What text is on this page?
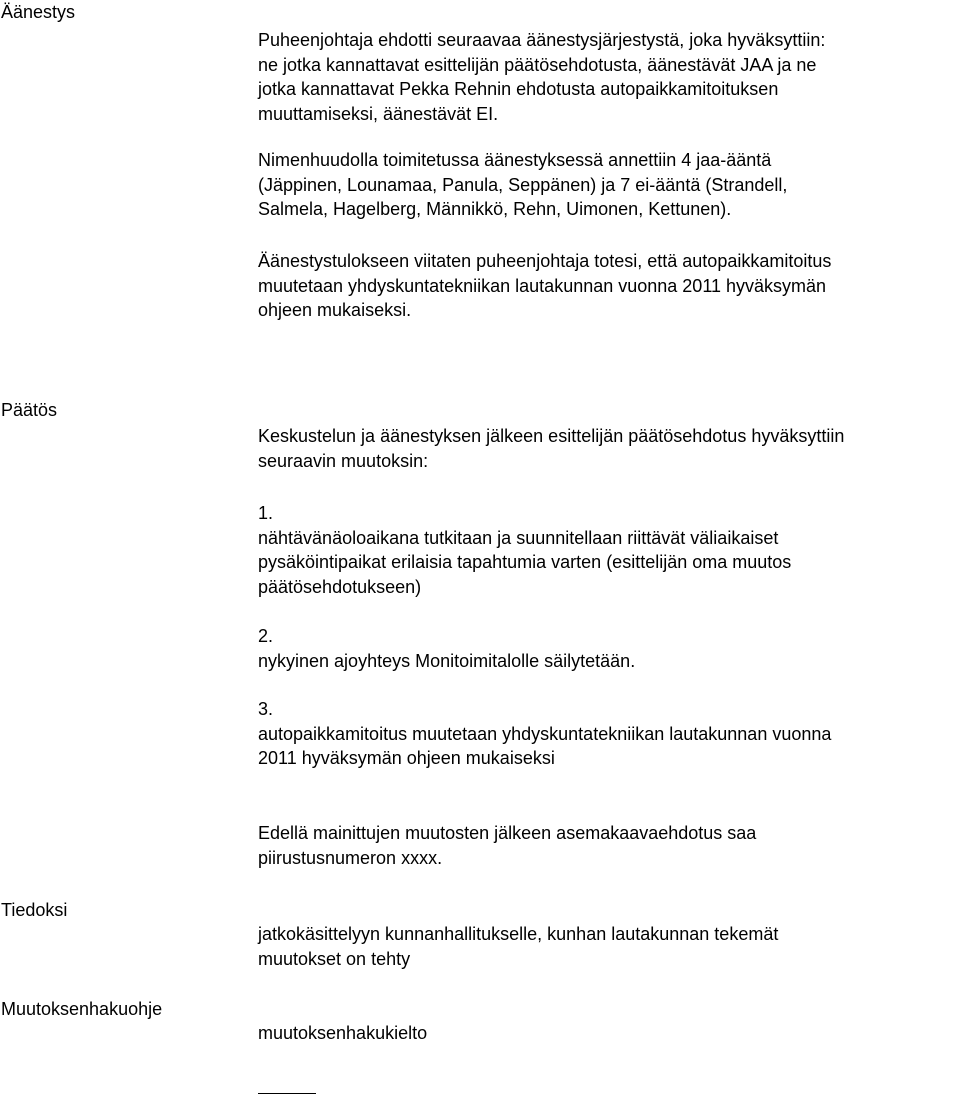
Äänestys

Puheenjohtaja ehdotti seuraavaa äänestysjärjestystä, joka hyväksyttiin:
ne jotka kannattavat esittelijän päätösehdotusta, äänestävät JAA ja ne
jotka kannattavat Pekka Rehnin ehdotusta autopaikkamitoituksen
muuttamiseksi, äänestävät EI.

Nimenhuudolla toimitetussa äänestyksessä annettiin 4 jaa-ääntä
(Jäppinen, Lounamaa, Panula, Seppänen) ja 7 ei-ääntä (Strandell,
Salmela, Hagelberg, Männikkö, Rehn, Uimonen, Kettunen).

Äänestystulokseen viitaten puheenjohtaja totesi, että autopaikkamitoitus
muutetaan yhdyskuntatekniikan lautakunnan vuonna 2011 hyväksymän
ohjeen mukaiseksi.

Päätös

Keskustelun ja äänestyksen jälkeen esittelijän päätösehdotus hyväksyttiin
seuraavin muutoksin:

1.
nähtävänäoloaikana tutkitaan ja suunnitellaan riittävät väliaikaiset
pysäköintipaikat erilaisia tapahtumia varten (esittelijän oma muutos
päätösehdotukseen)
2.
nykyinen ajoyhteys Monitoimitalolle säilytetään.
3.
autopaikkamitoitus muutetaan yhdyskuntatekniikan lautakunnan vuonna
2011 hyväksymän ohjeen mukaiseksi

Edellä mainittujen muutosten jälkeen asemakaavaehdotus saa
piirustusnumeron xxxx.

Tiedoksi

jatkokäsittelyyn kunnanhallitukselle, kunhan lautakunnan tekemät
muutokset on tehty

Muutoksenhakuohje

muutoksenhakukielto
